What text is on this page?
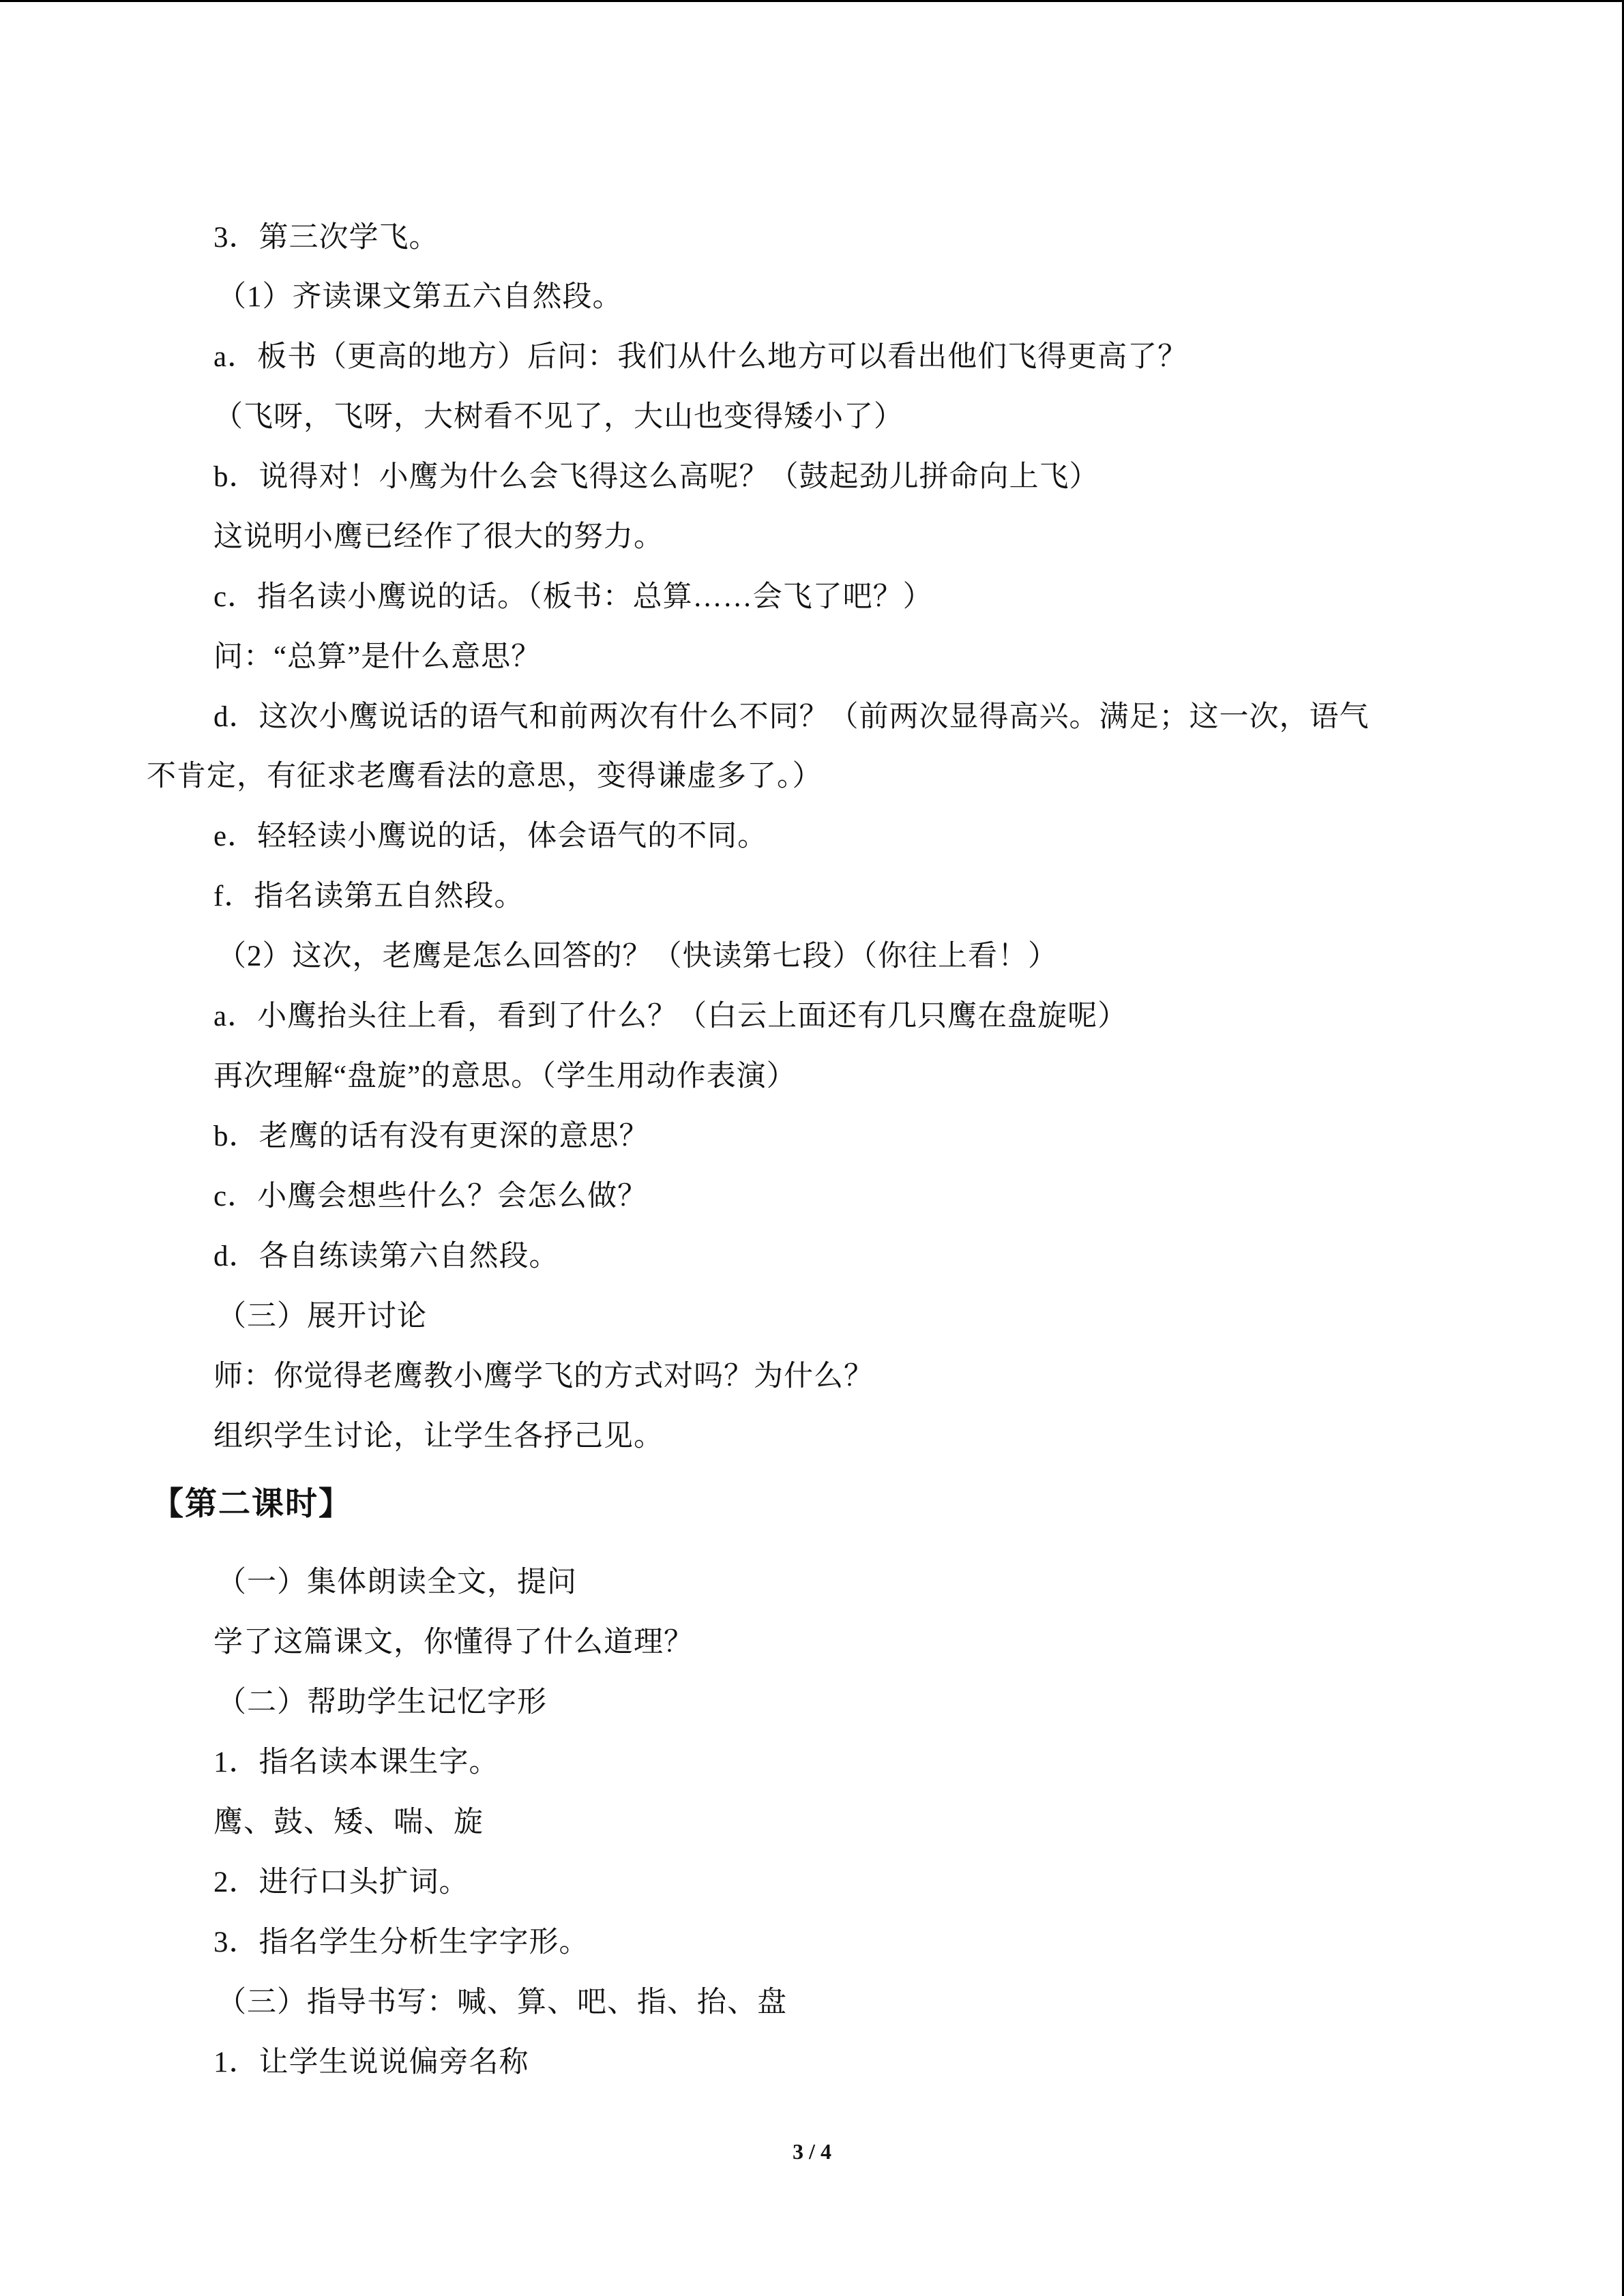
3．第三次学飞。
（1）齐读课文第五六自然段。
a．板书（更高的地方）后问：我们从什么地方可以看出他们飞得更高了？
（飞呀，飞呀，大树看不见了，大山也变得矮小了）
b．说得对！小鹰为什么会飞得这么高呢？（鼓起劲儿拼命向上飞）
这说明小鹰已经作了很大的努力。
c．指名读小鹰说的话。（板书：总算……会飞了吧？）
问：“总算”是什么意思？
d．这次小鹰说话的语气和前两次有什么不同？（前两次显得高兴。满足；这一次，语气
不肯定，有征求老鹰看法的意思，变得谦虚多了。）
e．轻轻读小鹰说的话，体会语气的不同。
f．指名读第五自然段。
（2）这次，老鹰是怎么回答的？（快读第七段）（你往上看！）
a．小鹰抬头往上看，看到了什么？（白云上面还有几只鹰在盘旋呢）
再次理解“盘旋”的意思。（学生用动作表演）
b．老鹰的话有没有更深的意思？
c．小鹰会想些什么？会怎么做？
d．各自练读第六自然段。
（三）展开讨论
师：你觉得老鹰教小鹰学飞的方式对吗？为什么？
组织学生讨论，让学生各抒己见。
【第二课时】
（一）集体朗读全文，提问
学了这篇课文，你懂得了什么道理？
（二）帮助学生记忆字形
1．指名读本课生字。
鹰、鼓、矮、喘、旋
2．进行口头扩词。
3．指名学生分析生字字形。
（三）指导书写：喊、算、吧、指、抬、盘
1．让学生说说偏旁名称
3 / 4
